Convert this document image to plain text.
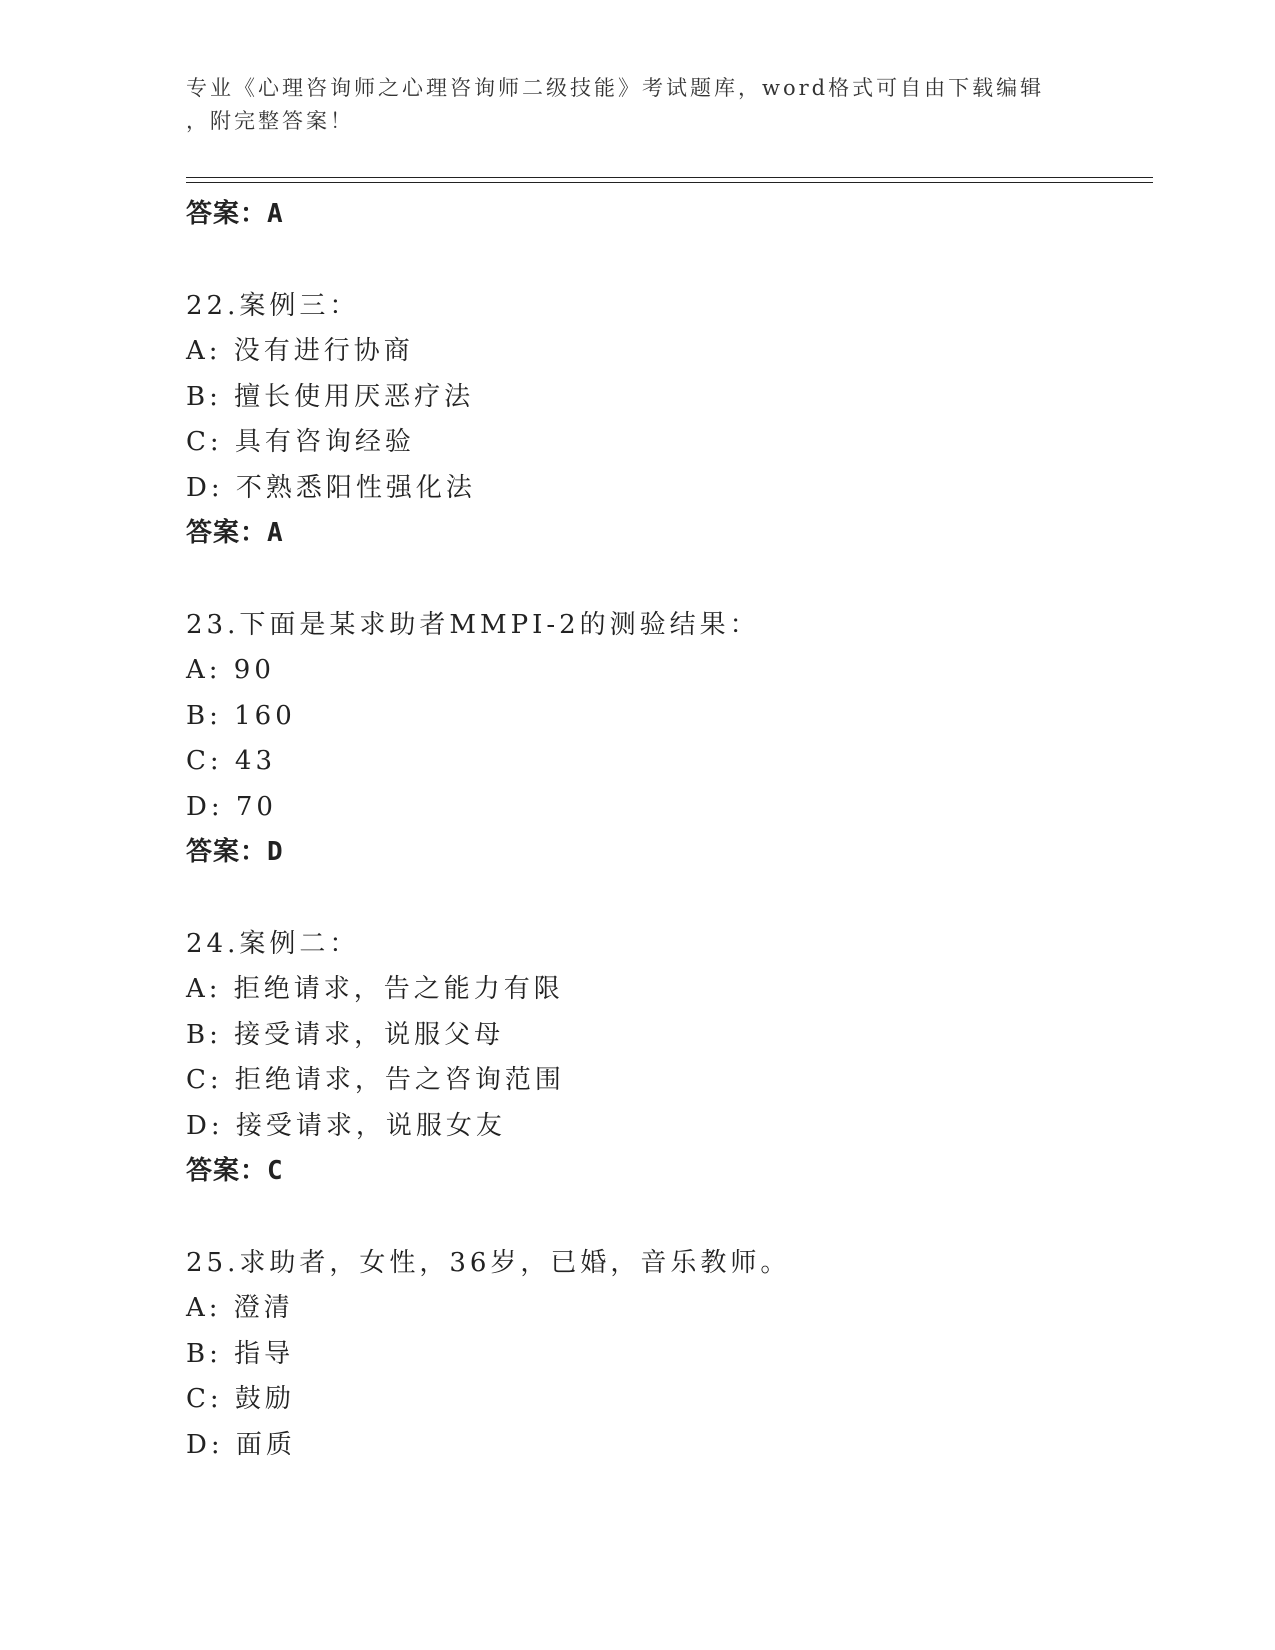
专业《心理咨询师之心理咨询师二级技能》考试题库，word格式可自由下载编辑
，附完整答案！
答案：A
22.案例三：
A: 没有进行协商
B: 擅长使用厌恶疗法
C: 具有咨询经验
D: 不熟悉阳性强化法
答案：A
23.下面是某求助者MMPI-2的测验结果：
A: 90
B: 160
C: 43
D: 70
答案：D
24.案例二：
A: 拒绝请求，告之能力有限
B: 接受请求，说服父母
C: 拒绝请求，告之咨询范围
D: 接受请求，说服女友
答案：C
25.求助者，女性，36岁，已婚，音乐教师。
A: 澄清
B: 指导
C: 鼓励
D: 面质
